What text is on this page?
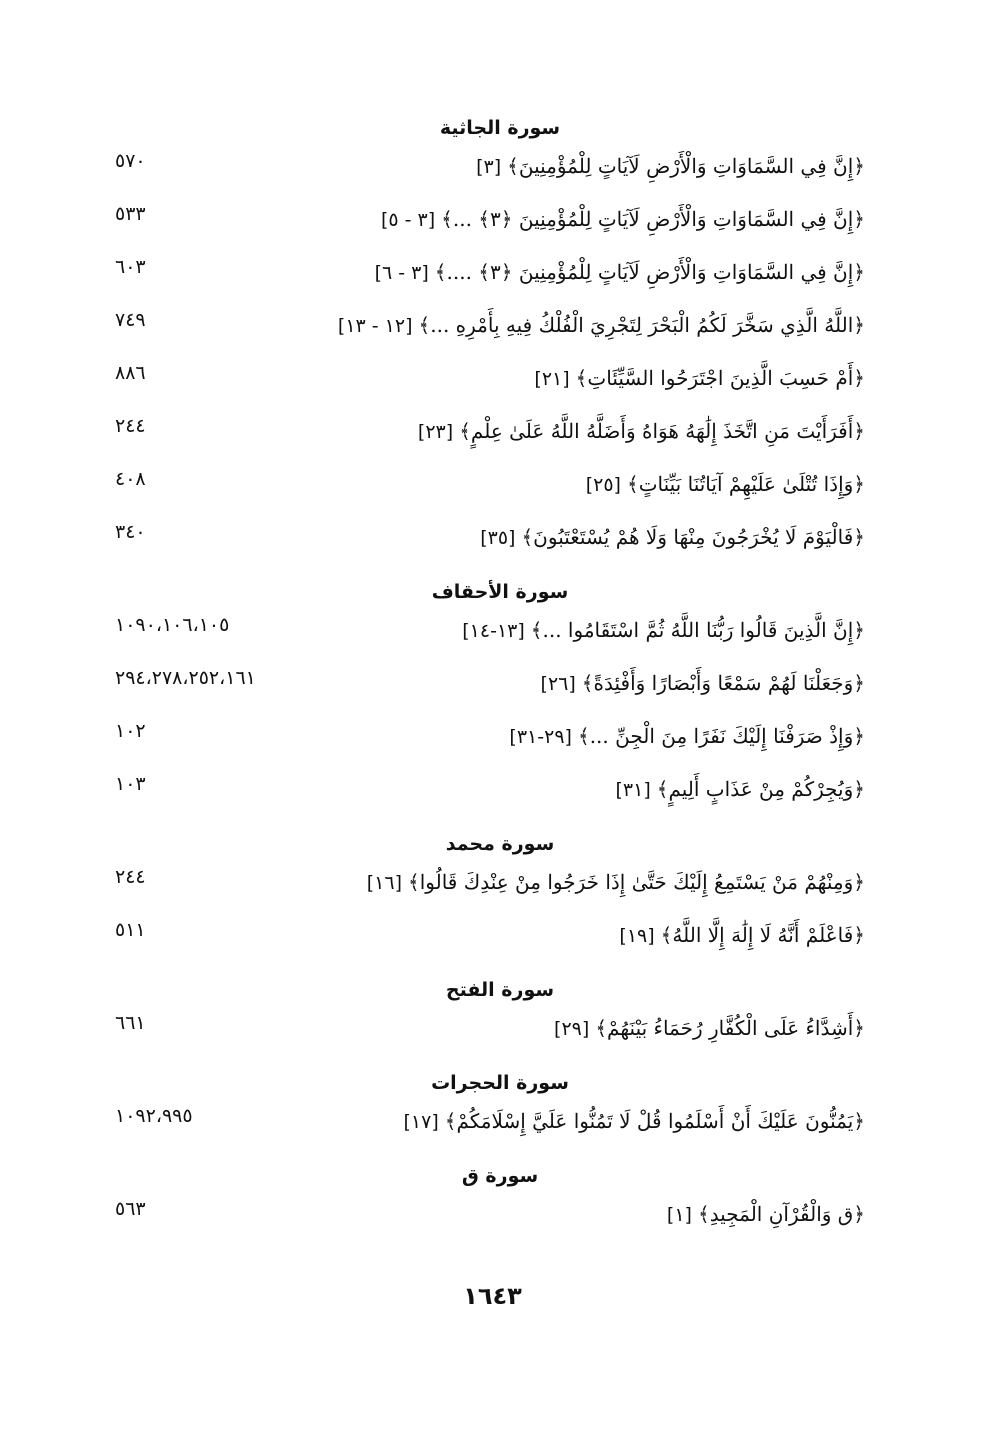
سورة الجاثية
٥٧٠	﴿إِنَّ فِي السَّمَاوَاتِ وَالْأَرْضِ لَآيَاتٍ لِلْمُؤْمِنِينَ﴾[٣]
٥٣٣	﴿إِنَّ فِي السَّمَاوَاتِ وَالْأَرْضِ لَآيَاتٍ لِلْمُؤْمِنِينَ ﴿٣﴾ ...﴾[٣ - ٥]
٦٠٣	﴿إِنَّ فِي السَّمَاوَاتِ وَالْأَرْضِ لَآيَاتٍ لِلْمُؤْمِنِينَ ﴿٣﴾ ....﴾[٣ - ٦]
٧٤٩	﴿اللَّهُ الَّذِي سَخَّرَ لَكُمُ الْبَحْرَ لِتَجْرِيَ الْفُلْكُ فِيهِ بِأَمْرِهِ ...﴾[١٢ - ١٣]
٨٨٦	﴿أَمْ حَسِبَ الَّذِينَ اجْتَرَحُوا السَّيِّئَاتِ﴾[٢١]
٢٤٤	﴿أَفَرَأَيْتَ مَنِ اتَّخَذَ إِلَٰهَهُ هَوَاهُ وَأَضَلَّهُ اللَّهُ عَلَىٰ عِلْمٍ﴾[٢٣]
٤٠٨	﴿وَإِذَا تُتْلَىٰ عَلَيْهِمْ آيَاتُنَا بَيِّنَاتٍ﴾[٢٥]
٣٤٠	﴿فَالْيَوْمَ لَا يُخْرَجُونَ مِنْهَا وَلَا هُمْ يُسْتَعْتَبُونَ﴾[٣٥]
سورة الأحقاف
١٠٩٠،١٠٦،١٠٥	﴿إِنَّ الَّذِينَ قَالُوا رَبُّنَا اللَّهُ ثُمَّ اسْتَقَامُوا ...﴾[١٣-١٤]
٢٩٤،٢٧٨،٢٥٢،١٦١	﴿وَجَعَلْنَا لَهُمْ سَمْعًا وَأَبْصَارًا وَأَفْئِدَةً﴾[٢٦]
١٠٢	﴿وَإِذْ صَرَفْنَا إِلَيْكَ نَفَرًا مِنَ الْجِنِّ ...﴾[٢٩-٣١]
١٠٣	﴿وَيُجِرْكُمْ مِنْ عَذَابٍ أَلِيمٍ﴾[٣١]
سورة محمد
٢٤٤	﴿وَمِنْهُمْ مَنْ يَسْتَمِعُ إِلَيْكَ حَتَّىٰ إِذَا خَرَجُوا مِنْ عِنْدِكَ قَالُوا﴾[١٦]
٥١١	﴿فَاعْلَمْ أَنَّهُ لَا إِلَٰهَ إِلَّا اللَّهُ﴾[١٩]
سورة الفتح
٦٦١	﴿أَشِدَّاءُ عَلَى الْكُفَّارِ رُحَمَاءُ بَيْنَهُمْ﴾[٢٩]
سورة الحجرات
١٠٩٢،٩٩٥	﴿يَمُنُّونَ عَلَيْكَ أَنْ أَسْلَمُوا قُلْ لَا تَمُنُّوا عَلَيَّ إِسْلَامَكُمْ﴾[١٧]
سورة ق
٥٦٣	﴿ق وَالْقُرْآنِ الْمَجِيدِ﴾[١]
١٦٤٣
